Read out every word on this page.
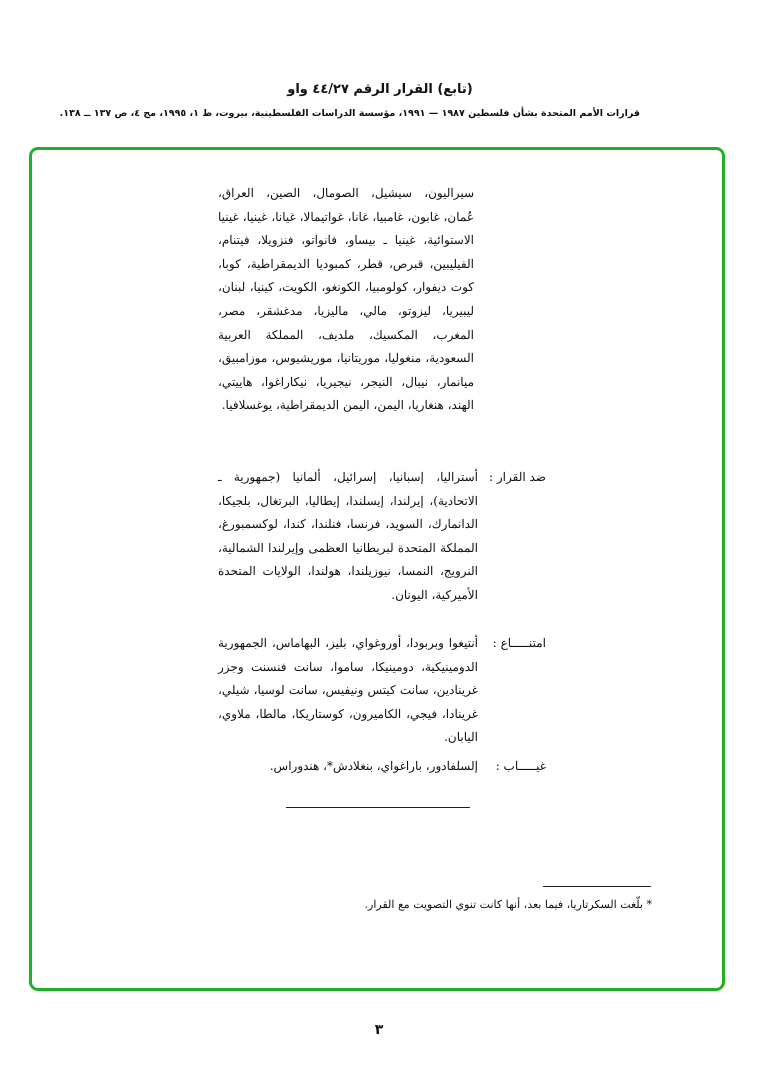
(تابع) القرار الرقم ٤٤/٢٧ واو
قرارات الأمم المتحدة بشأن فلسطين ١٩٨٧ — ١٩٩١، مؤسسة الدراسات الفلسطينية، بيروت، ط ١، ١٩٩٥، مج ٤، ص ١٣٧ ــ ١٣٨.

سيراليون، سيشيل، الصومال، الصين، العراق، عُمان، غابون، غامبيا، غانا، غواتيمالا، غيانا، غينيا، غينيا الاستوائية، غينيا ـ بيساو، فانواتو، فنزويلا، فيتنام، الفيليبين، قبرص، قطر، كمبوديا الديمقراطية، كوبا، كوت ديفوار، كولومبيا، الكونغو، الكويت، كينيا، لبنان، ليبيريا، ليزوتو، مالي، ماليزيا، مدغشقر، مصر، المغرب، المكسيك، ملديف، المملكة العربية السعودية، منغوليا، موريتانيا، موريشيوس، موزامبيق، ميانمار، نيبال، النيجر، نيجيريا، نيكاراغوا، هاييتي، الهند، هنغاريا، اليمن، اليمن الديمقراطية، يوغسلافيا.

ضد القرار :

أستراليا، إسبانيا، إسرائيل، ألمانيا (جمهورية ـ الاتحادية)، إيرلندا، إيسلندا، إيطاليا، البرتغال، بلجيكا، الدانمارك، السويد، فرنسا، فنلندا، كندا، لوكسمبورغ، المملكة المتحدة لبريطانيا العظمى وإيرلندا الشمالية، النرويج، النمسا، نيوزيلندا، هولندا، الولايات المتحدة الأميركية، اليونان.

امتنـــــاع :

أنتيغوا وبربودا، أوروغواي، بليز، البهاماس، الجمهورية الدومينيكية، دومينيكا، ساموا، سانت فنسنت وجزر غرينادين، سانت كيتس ونيفيس، سانت لوسيا، شيلي، غرينادا، فيجي، الكاميرون، كوستاريكا، مالطا، ملاوي، اليابان.

غيـــــاب :

إلسلفادور، باراغواي، بنغلادش*، هندوراس.

* بلّغت السكرتاريا، فيما بعد، أنها كانت تنوي التصويت مع القرار.
٣
